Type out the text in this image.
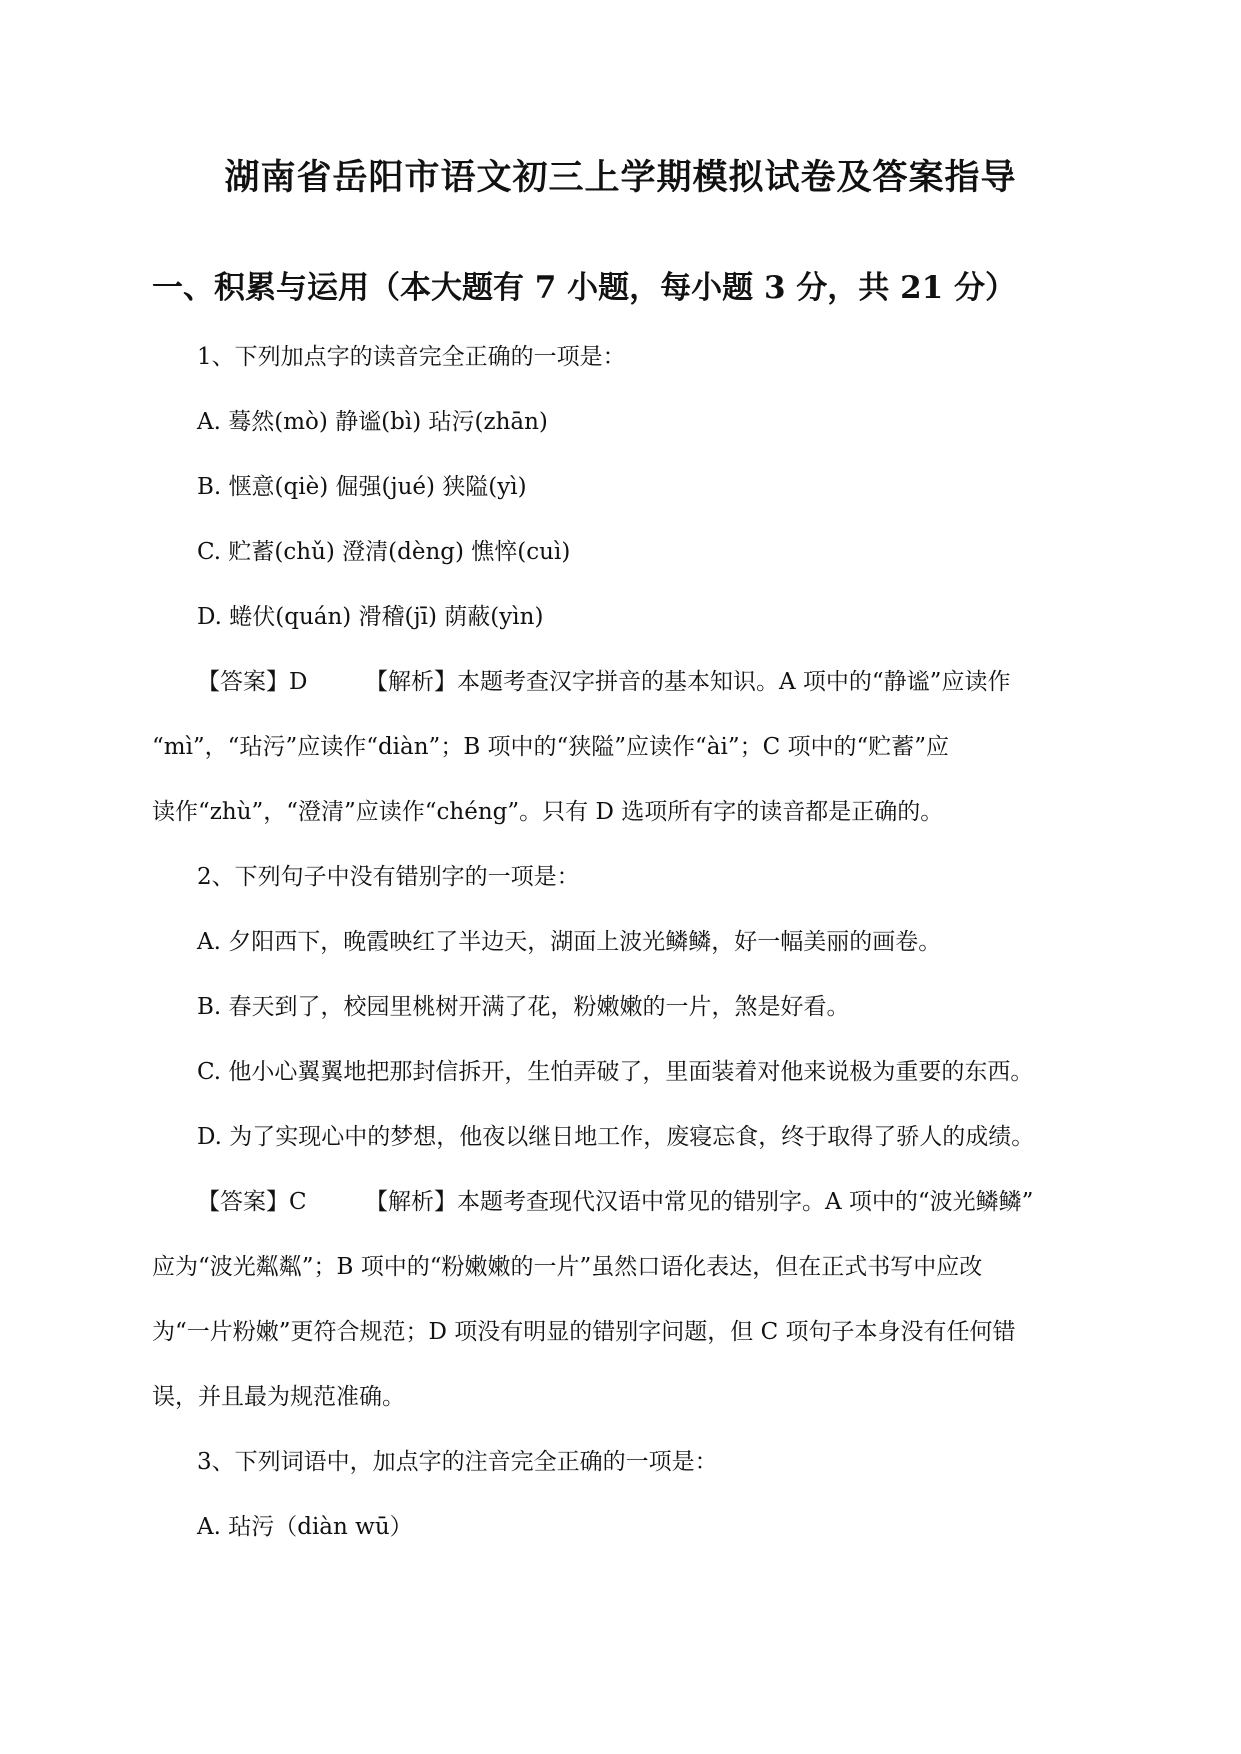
湖南省岳阳市语文初三上学期模拟试卷及答案指导
一、积累与运用（本大题有 7 小题，每小题 3 分，共 21 分）
1、下列加点字的读音完全正确的一项是：
A. 蓦然(mò) 静谧(bì) 玷污(zhān)
B. 惬意(qiè) 倔强(jué) 狭隘(yì)
C. 贮蓄(chǔ) 澄清(dèng) 憔悴(cuì)
D. 蜷伏(quán) 滑稽(jī) 荫蔽(yìn)
【答案】D	【解析】本题考查汉字拼音的基本知识。A 项中的“静谧”应读作
“mì”，“玷污”应读作“diàn”；B 项中的“狭隘”应读作“ài”；C 项中的“贮蓄”应
读作“zhù”，“澄清”应读作“chéng”。只有 D 选项所有字的读音都是正确的。
2、下列句子中没有错别字的一项是：
A. 夕阳西下，晚霞映红了半边天，湖面上波光鳞鳞，好一幅美丽的画卷。
B. 春天到了，校园里桃树开满了花，粉嫩嫩的一片，煞是好看。
C. 他小心翼翼地把那封信拆开，生怕弄破了，里面装着对他来说极为重要的东西。
D. 为了实现心中的梦想，他夜以继日地工作，废寝忘食，终于取得了骄人的成绩。
【答案】C	【解析】本题考查现代汉语中常见的错别字。A 项中的“波光鳞鳞”
应为“波光粼粼”；B 项中的“粉嫩嫩的一片”虽然口语化表达，但在正式书写中应改
为“一片粉嫩”更符合规范；D 项没有明显的错别字问题，但 C 项句子本身没有任何错
误，并且最为规范准确。
3、下列词语中，加点字的注音完全正确的一项是：
A. 玷污（diàn wū）
